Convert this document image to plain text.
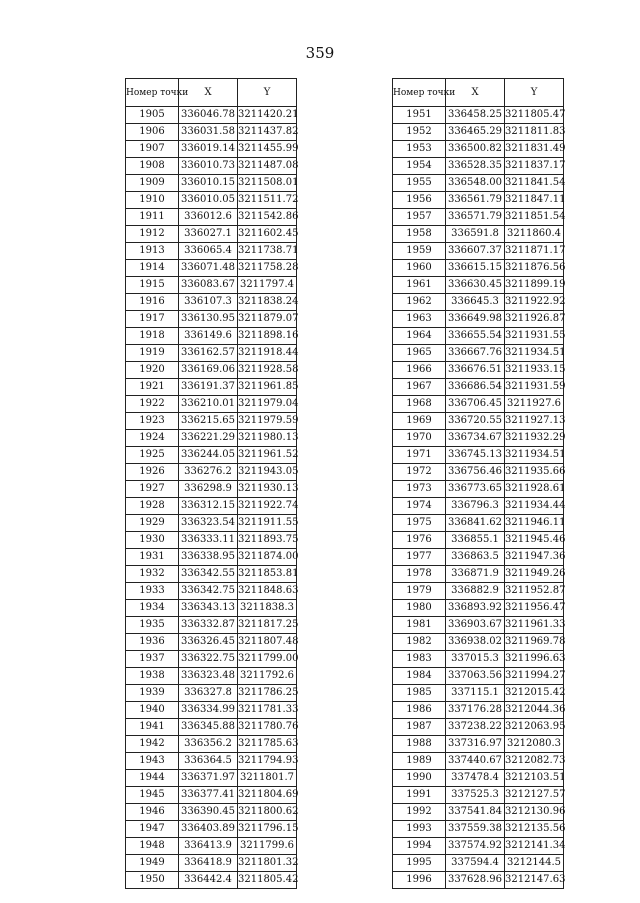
359
Номер точки	X	Y
1905	336046.78	3211420.21
1906	336031.58	3211437.82
1907	336019.14	3211455.99
1908	336010.73	3211487.08
1909	336010.15	3211508.01
1910	336010.05	3211511.72
1911	336012.6	3211542.86
1912	336027.1	3211602.45
1913	336065.4	3211738.71
1914	336071.48	3211758.28
1915	336083.67	3211797.4
1916	336107.3	3211838.24
1917	336130.95	3211879.07
1918	336149.6	3211898.16
1919	336162.57	3211918.44
1920	336169.06	3211928.58
1921	336191.37	3211961.85
1922	336210.01	3211979.04
1923	336215.65	3211979.59
1924	336221.29	3211980.13
1925	336244.05	3211961.52
1926	336276.2	3211943.05
1927	336298.9	3211930.13
1928	336312.15	3211922.74
1929	336323.54	3211911.55
1930	336333.11	3211893.75
1931	336338.95	3211874.00
1932	336342.55	3211853.81
1933	336342.75	3211848.63
1934	336343.13	3211838.3
1935	336332.87	3211817.25
1936	336326.45	3211807.48
1937	336322.75	3211799.00
1938	336323.48	3211792.6
1939	336327.8	3211786.25
1940	336334.99	3211781.33
1941	336345.88	3211780.76
1942	336356.2	3211785.63
1943	336364.5	3211794.93
1944	336371.97	3211801.7
1945	336377.41	3211804.69
1946	336390.45	3211800.62
1947	336403.89	3211796.15
1948	336413.9	3211799.6
1949	336418.9	3211801.32
1950	336442.4	3211805.42
Номер точки	X	Y
1951	336458.25	3211805.47
1952	336465.29	3211811.83
1953	336500.82	3211831.49
1954	336528.35	3211837.17
1955	336548.00	3211841.54
1956	336561.79	3211847.11
1957	336571.79	3211851.54
1958	336591.8	3211860.4
1959	336607.37	3211871.17
1960	336615.15	3211876.56
1961	336630.45	3211899.19
1962	336645.3	3211922.92
1963	336649.98	3211926.87
1964	336655.54	3211931.55
1965	336667.76	3211934.51
1966	336676.51	3211933.15
1967	336686.54	3211931.59
1968	336706.45	3211927.6
1969	336720.55	3211927.13
1970	336734.67	3211932.29
1971	336745.13	3211934.51
1972	336756.46	3211935.66
1973	336773.65	3211928.61
1974	336796.3	3211934.44
1975	336841.62	3211946.11
1976	336855.1	3211945.46
1977	336863.5	3211947.36
1978	336871.9	3211949.26
1979	336882.9	3211952.87
1980	336893.92	3211956.47
1981	336903.67	3211961.33
1982	336938.02	3211969.78
1983	337015.3	3211996.63
1984	337063.56	3211994.27
1985	337115.1	3212015.42
1986	337176.28	3212044.36
1987	337238.22	3212063.95
1988	337316.97	3212080.3
1989	337440.67	3212082.73
1990	337478.4	3212103.51
1991	337525.3	3212127.57
1992	337541.84	3212130.96
1993	337559.38	3212135.56
1994	337574.92	3212141.34
1995	337594.4	3212144.5
1996	337628.96	3212147.63
